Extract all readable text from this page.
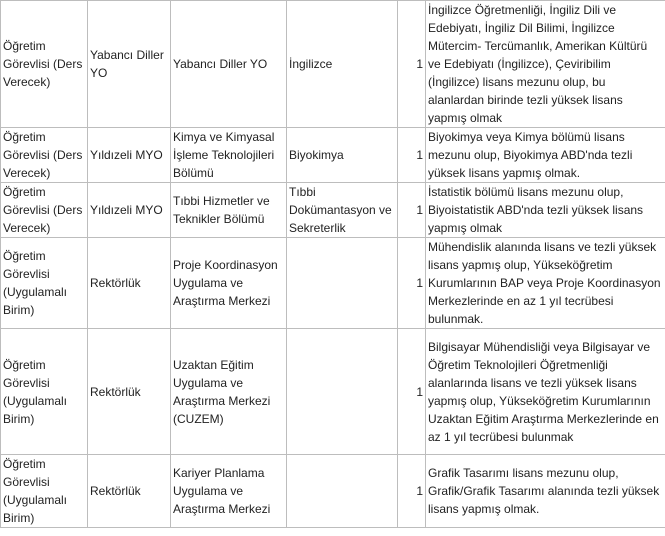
Öğretim Görevlisi (Ders Verecek)	Yabancı Diller YO	Yabancı Diller YO	İngilizce	1	İngilizce Öğretmenliği, İngiliz Dili ve Edebiyatı, İngiliz Dil Bilimi, İngilizce Mütercim- Tercümanlık, Amerikan Kültürü ve Edebiyatı (İngilizce), Çeviribilim (İngilizce) lisans mezunu olup, bu alanlardan birinde tezli yüksek lisans yapmış olmak
Öğretim Görevlisi (Ders Verecek)	Yıldızeli MYO	Kimya ve Kimyasal İşleme Teknolojileri Bölümü	Biyokimya	1	Biyokimya veya Kimya bölümü lisans mezunu olup, Biyokimya ABD'nda tezli yüksek lisans yapmış olmak.
Öğretim Görevlisi (Ders Verecek)	Yıldızeli MYO	Tıbbi Hizmetler ve Teknikler Bölümü	Tıbbi Dokümantasyon ve Sekreterlik	1	İstatistik bölümü lisans mezunu olup, Biyoistatistik ABD'nda tezli yüksek lisans yapmış olmak
Öğretim Görevlisi (Uygulamalı Birim)	Rektörlük	Proje Koordinasyon Uygulama ve Araştırma Merkezi		1	Mühendislik alanında lisans ve tezli yüksek lisans yapmış olup, Yükseköğretim Kurumlarının BAP veya Proje Koordinasyon Merkezlerinde en az 1 yıl tecrübesi bulunmak.
Öğretim Görevlisi (Uygulamalı Birim)	Rektörlük	Uzaktan Eğitim Uygulama ve Araştırma Merkezi (CUZEM)		1	Bilgisayar Mühendisliği veya Bilgisayar ve Öğretim Teknolojileri Öğretmenliği alanlarında lisans ve tezli yüksek lisans yapmış olup, Yükseköğretim Kurumlarının Uzaktan Eğitim Araştırma Merkezlerinde en az 1 yıl tecrübesi bulunmak
Öğretim Görevlisi (Uygulamalı Birim)	Rektörlük	Kariyer Planlama Uygulama ve Araştırma Merkezi		1	Grafik Tasarımı lisans mezunu olup, Grafik/Grafik Tasarımı alanında tezli yüksek lisans yapmış olmak.
